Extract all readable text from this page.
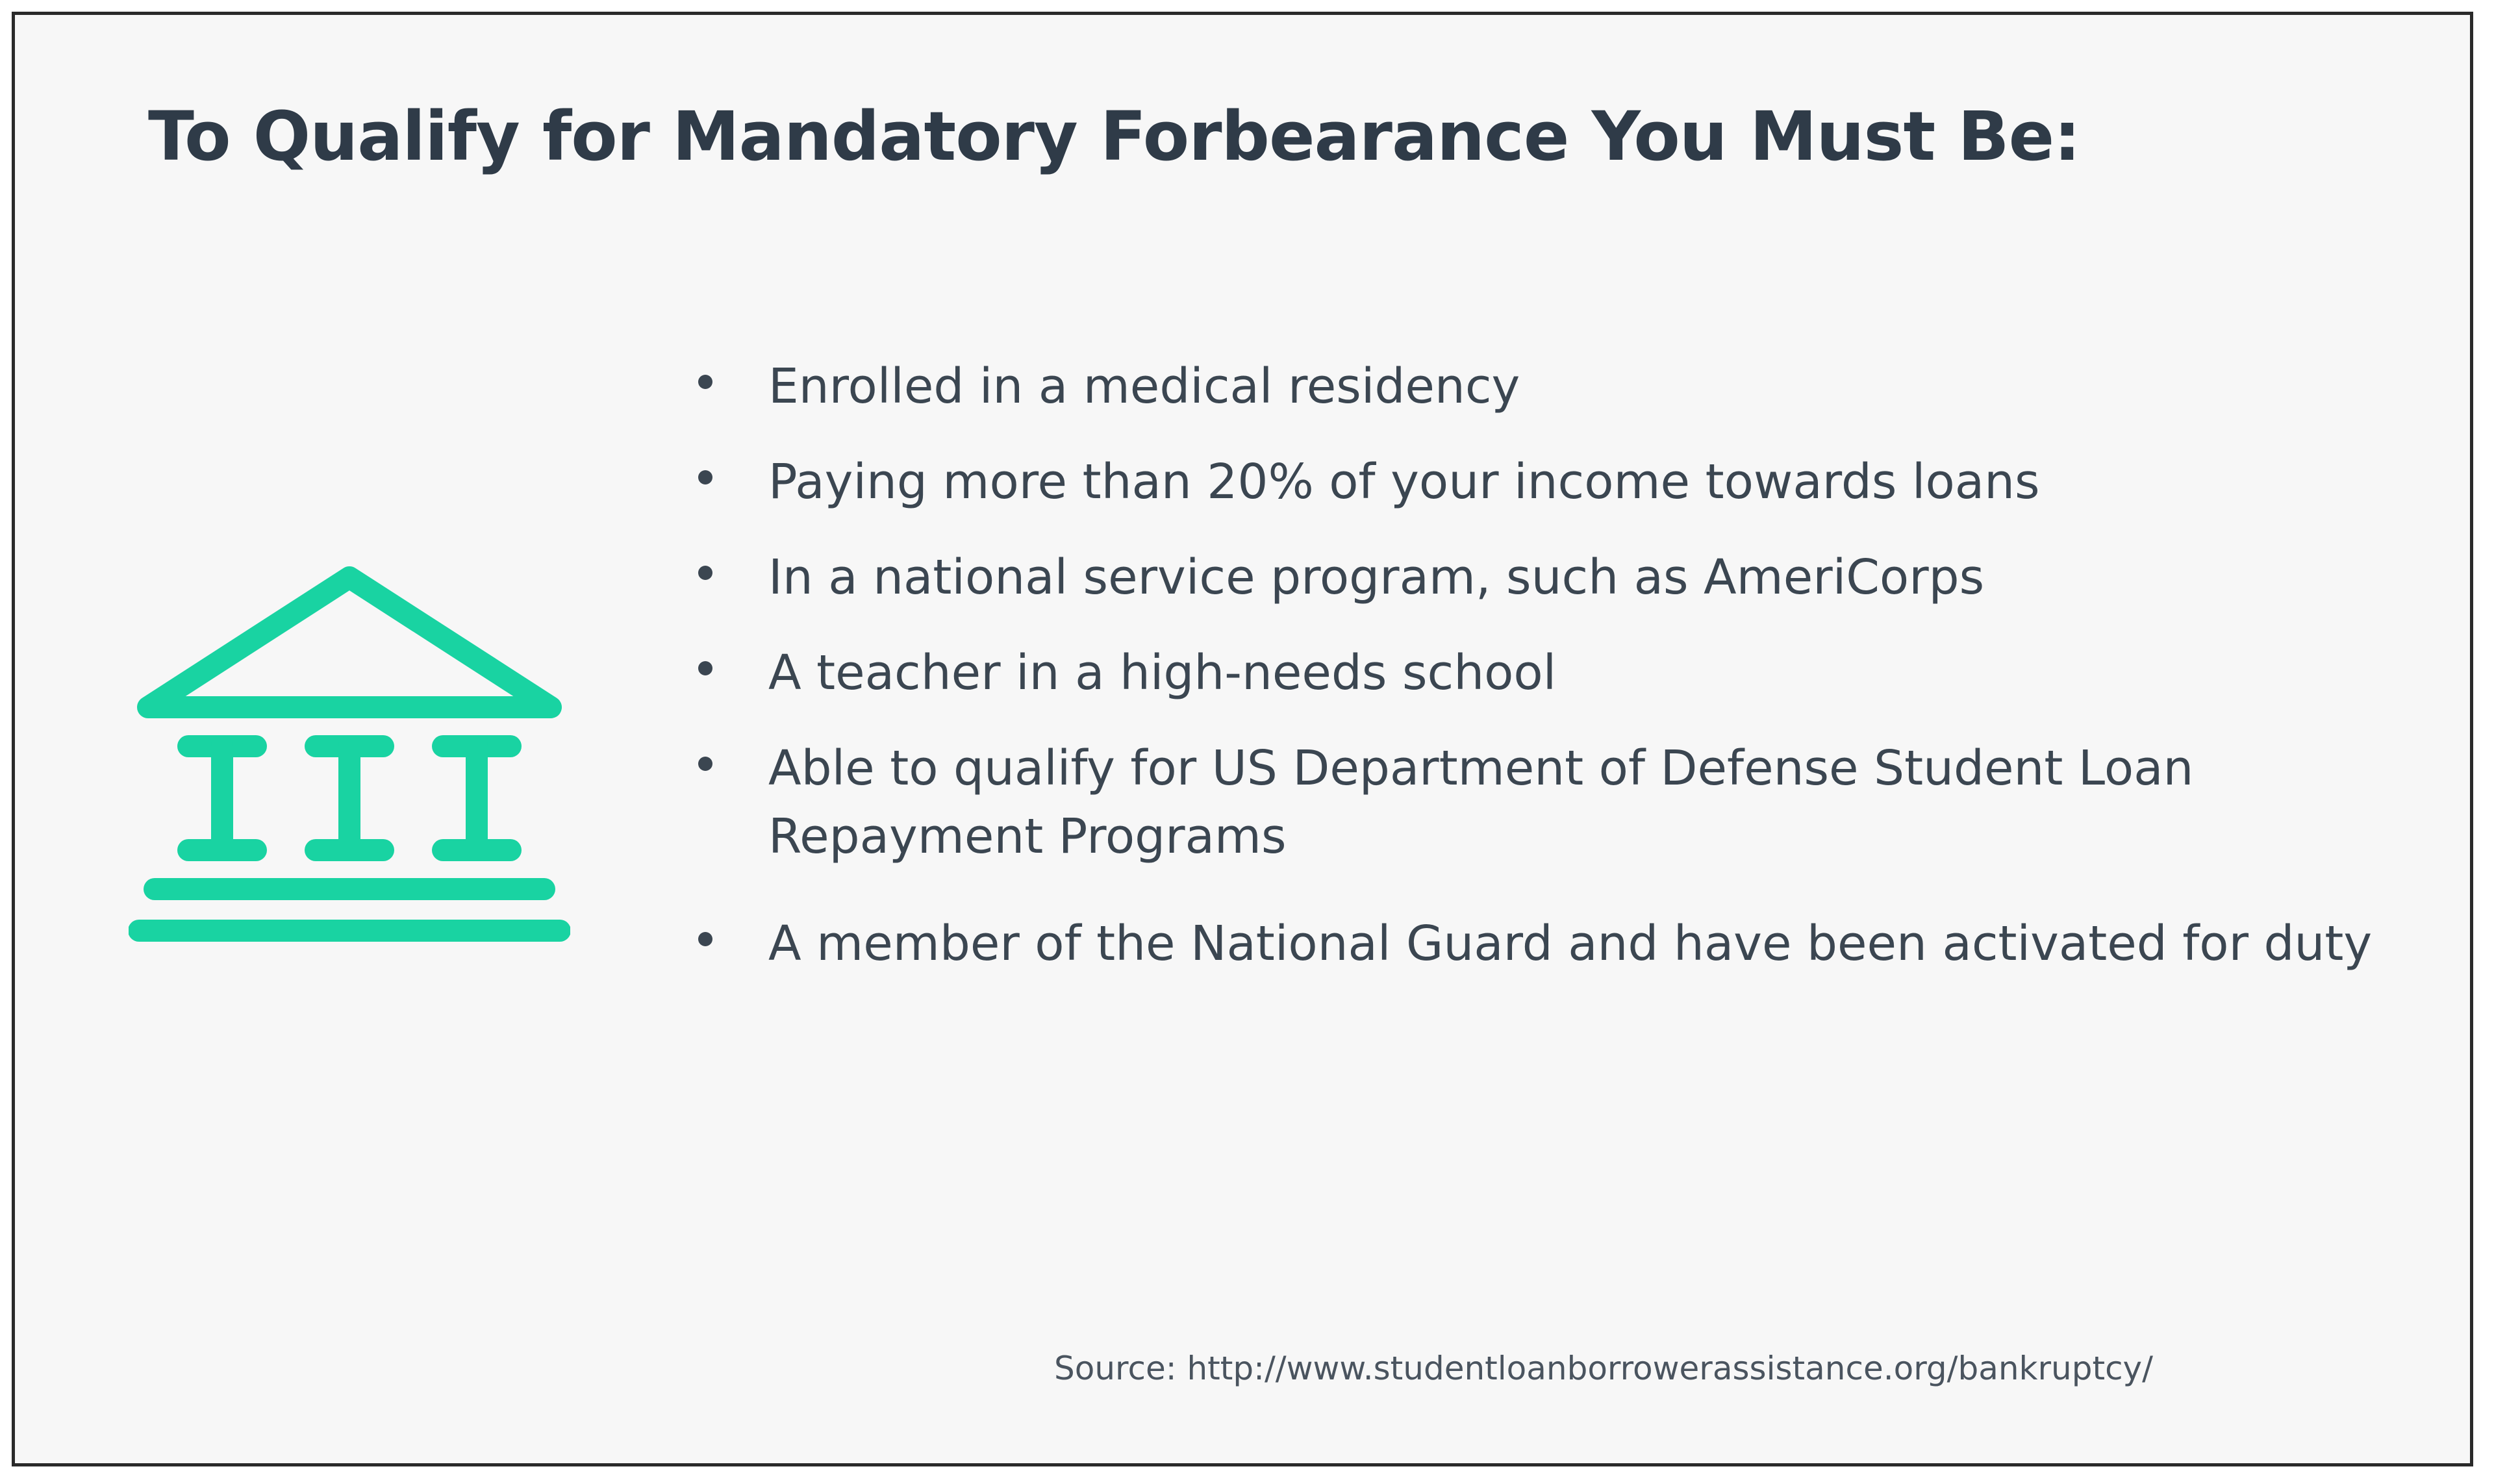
To Qualify for Mandatory Forbearance You Must Be:
Enrolled in a medical residency
Paying more than 20% of your income towards loans
In a national service program, such as AmeriCorps
A teacher in a high-needs school
Able to qualify for US Department of Defense Student Loan Repayment Programs
A member of the National Guard and have been activated for duty
Source: http://www.studentloanborrowerassistance.org/bankruptcy/
